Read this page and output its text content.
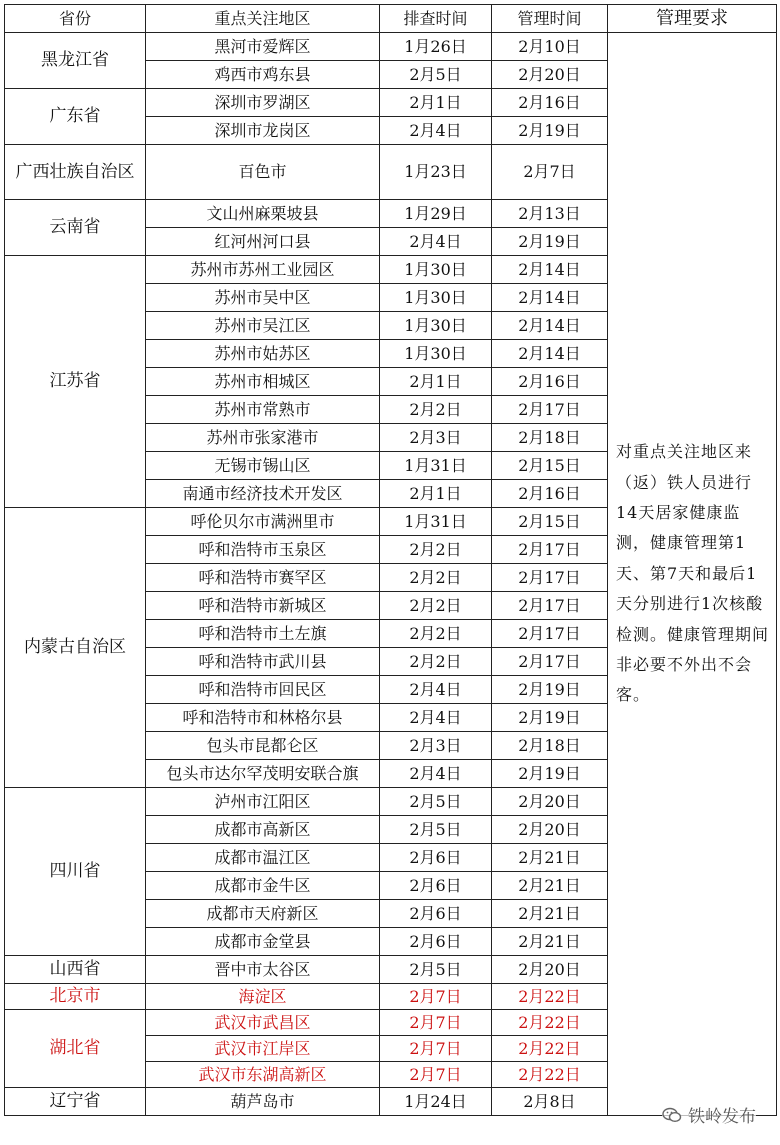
省份	重点关注地区	排查时间	管理时间	管理要求
黑龙江省	黑河市爱辉区	1月26日	2月10日	对重点关注地区来（返）铁人员进行14天居家健康监测，健康管理第1天、第7天和最后1天分别进行1次核酸检测。健康管理期间非必要不外出不会客。
	鸡西市鸡东县	2月5日	2月20日	
广东省	深圳市罗湖区	2月1日	2月16日	
	深圳市龙岗区	2月4日	2月19日	
广西壮族自治区	百色市	1月23日	2月7日	
云南省	文山州麻栗坡县	1月29日	2月13日	
	红河州河口县	2月4日	2月19日	
江苏省	苏州市苏州工业园区	1月30日	2月14日	
	苏州市吴中区	1月30日	2月14日	
	苏州市吴江区	1月30日	2月14日	
	苏州市姑苏区	1月30日	2月14日	
	苏州市相城区	2月1日	2月16日	
	苏州市常熟市	2月2日	2月17日	
	苏州市张家港市	2月3日	2月18日	
	无锡市锡山区	1月31日	2月15日	
	南通市经济技术开发区	2月1日	2月16日	
内蒙古自治区	呼伦贝尔市满洲里市	1月31日	2月15日	
	呼和浩特市玉泉区	2月2日	2月17日	
	呼和浩特市赛罕区	2月2日	2月17日	
	呼和浩特市新城区	2月2日	2月17日	
	呼和浩特市土左旗	2月2日	2月17日	
	呼和浩特市武川县	2月2日	2月17日	
	呼和浩特市回民区	2月4日	2月19日	
	呼和浩特市和林格尔县	2月4日	2月19日	
	包头市昆都仑区	2月3日	2月18日	
	包头市达尔罕茂明安联合旗	2月4日	2月19日	
四川省	泸州市江阳区	2月5日	2月20日	
	成都市高新区	2月5日	2月20日	
	成都市温江区	2月6日	2月21日	
	成都市金牛区	2月6日	2月21日	
	成都市天府新区	2月6日	2月21日	
	成都市金堂县	2月6日	2月21日	
山西省	晋中市太谷区	2月5日	2月20日	
北京市	海淀区	2月7日	2月22日	
湖北省	武汉市武昌区	2月7日	2月22日	
	武汉市江岸区	2月7日	2月22日	
	武汉市东湖高新区	2月7日	2月22日	
辽宁省	葫芦岛市	1月24日	2月8日	
铁岭发布
